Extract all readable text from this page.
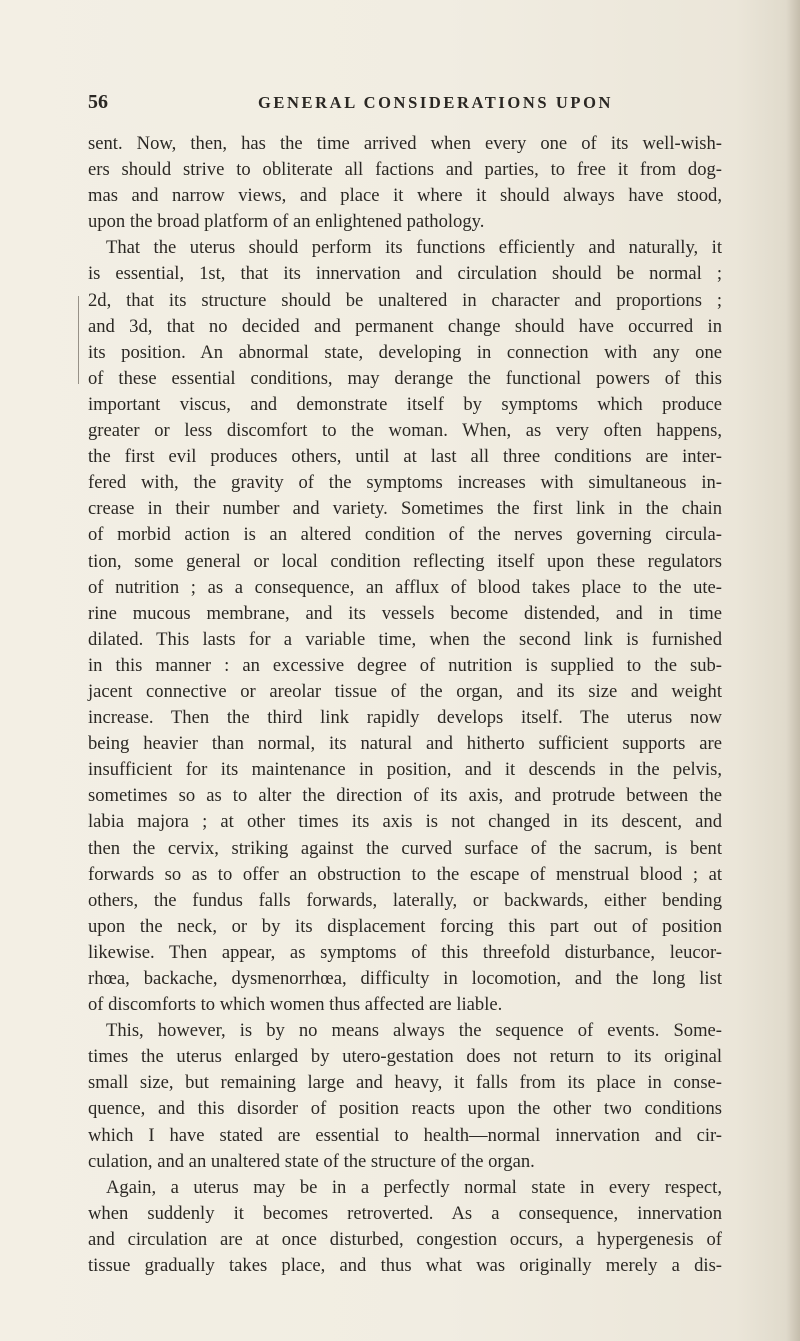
56	GENERAL CONSIDERATIONS UPON
sent. Now, then, has the time arrived when every one of its well-wish-
ers should strive to obliterate all factions and parties, to free it from dog-
mas and narrow views, and place it where it should always have stood,
upon the broad platform of an enlightened pathology.
That the uterus should perform its functions efficiently and naturally, it
is essential, 1st, that its innervation and circulation should be normal ;
2d, that its structure should be unaltered in character and proportions ;
and 3d, that no decided and permanent change should have occurred in
its position. An abnormal state, developing in connection with any one
of these essential conditions, may derange the functional powers of this
important viscus, and demonstrate itself by symptoms which produce
greater or less discomfort to the woman. When, as very often happens,
the first evil produces others, until at last all three conditions are inter-
fered with, the gravity of the symptoms increases with simultaneous in-
crease in their number and variety. Sometimes the first link in the chain
of morbid action is an altered condition of the nerves governing circula-
tion, some general or local condition reflecting itself upon these regulators
of nutrition ; as a consequence, an afflux of blood takes place to the ute-
rine mucous membrane, and its vessels become distended, and in time
dilated. This lasts for a variable time, when the second link is furnished
in this manner : an excessive degree of nutrition is supplied to the sub-
jacent connective or areolar tissue of the organ, and its size and weight
increase. Then the third link rapidly develops itself. The uterus now
being heavier than normal, its natural and hitherto sufficient supports are
insufficient for its maintenance in position, and it descends in the pelvis,
sometimes so as to alter the direction of its axis, and protrude between the
labia majora ; at other times its axis is not changed in its descent, and
then the cervix, striking against the curved surface of the sacrum, is bent
forwards so as to offer an obstruction to the escape of menstrual blood ; at
others, the fundus falls forwards, laterally, or backwards, either bending
upon the neck, or by its displacement forcing this part out of position
likewise. Then appear, as symptoms of this threefold disturbance, leucor-
rhœa, backache, dysmenorrhœa, difficulty in locomotion, and the long list
of discomforts to which women thus affected are liable.
This, however, is by no means always the sequence of events. Some-
times the uterus enlarged by utero-gestation does not return to its original
small size, but remaining large and heavy, it falls from its place in conse-
quence, and this disorder of position reacts upon the other two conditions
which I have stated are essential to health—normal innervation and cir-
culation, and an unaltered state of the structure of the organ.
Again, a uterus may be in a perfectly normal state in every respect,
when suddenly it becomes retroverted. As a consequence, innervation
and circulation are at once disturbed, congestion occurs, a hypergenesis of
tissue gradually takes place, and thus what was originally merely a dis-
